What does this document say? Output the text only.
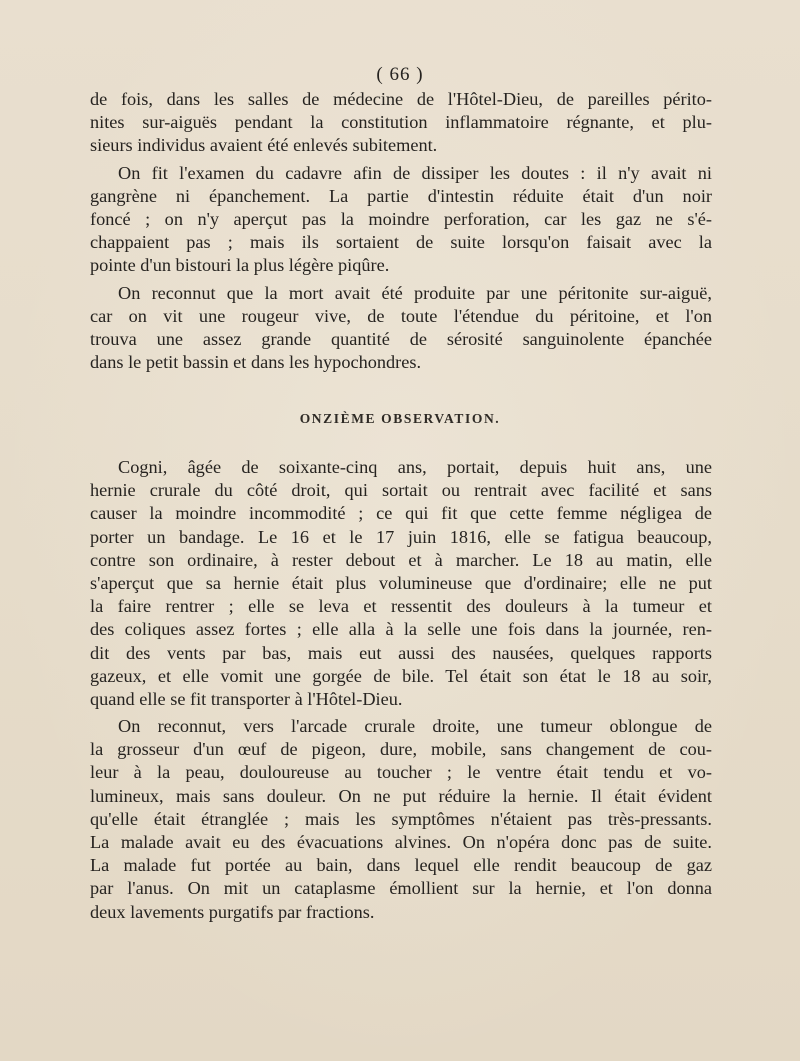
( 66 )
de fois, dans les salles de médecine de l'Hôtel-Dieu, de pareilles périto-
nites sur-aiguës pendant la constitution inflammatoire régnante, et plu-
sieurs individus avaient été enlevés subitement.
On fit l'examen du cadavre afin de dissiper les doutes : il n'y avait ni
gangrène ni épanchement. La partie d'intestin réduite était d'un noir
foncé ; on n'y aperçut pas la moindre perforation, car les gaz ne s'é-
chappaient pas ; mais ils sortaient de suite lorsqu'on faisait avec la
pointe d'un bistouri la plus légère piqûre.
On reconnut que la mort avait été produite par une péritonite sur-aiguë,
car on vit une rougeur vive, de toute l'étendue du péritoine, et l'on
trouva une assez grande quantité de sérosité sanguinolente épanchée
dans le petit bassin et dans les hypochondres.
ONZIÈME OBSERVATION.
Cogni, âgée de soixante-cinq ans, portait, depuis huit ans, une
hernie crurale du côté droit, qui sortait ou rentrait avec facilité et sans
causer la moindre incommodité ; ce qui fit que cette femme négligea de
porter un bandage. Le 16 et le 17 juin 1816, elle se fatigua beaucoup,
contre son ordinaire, à rester debout et à marcher. Le 18 au matin, elle
s'aperçut que sa hernie était plus volumineuse que d'ordinaire; elle ne put
la faire rentrer ; elle se leva et ressentit des douleurs à la tumeur et
des coliques assez fortes ; elle alla à la selle une fois dans la journée, ren-
dit des vents par bas, mais eut aussi des nausées, quelques rapports
gazeux, et elle vomit une gorgée de bile. Tel était son état le 18 au soir,
quand elle se fit transporter à l'Hôtel-Dieu.
On reconnut, vers l'arcade crurale droite, une tumeur oblongue de
la grosseur d'un œuf de pigeon, dure, mobile, sans changement de cou-
leur à la peau, douloureuse au toucher ; le ventre était tendu et vo-
lumineux, mais sans douleur. On ne put réduire la hernie. Il était évident
qu'elle était étranglée ; mais les symptômes n'étaient pas très-pressants.
La malade avait eu des évacuations alvines. On n'opéra donc pas de suite.
La malade fut portée au bain, dans lequel elle rendit beaucoup de gaz
par l'anus. On mit un cataplasme émollient sur la hernie, et l'on donna
deux lavements purgatifs par fractions.
